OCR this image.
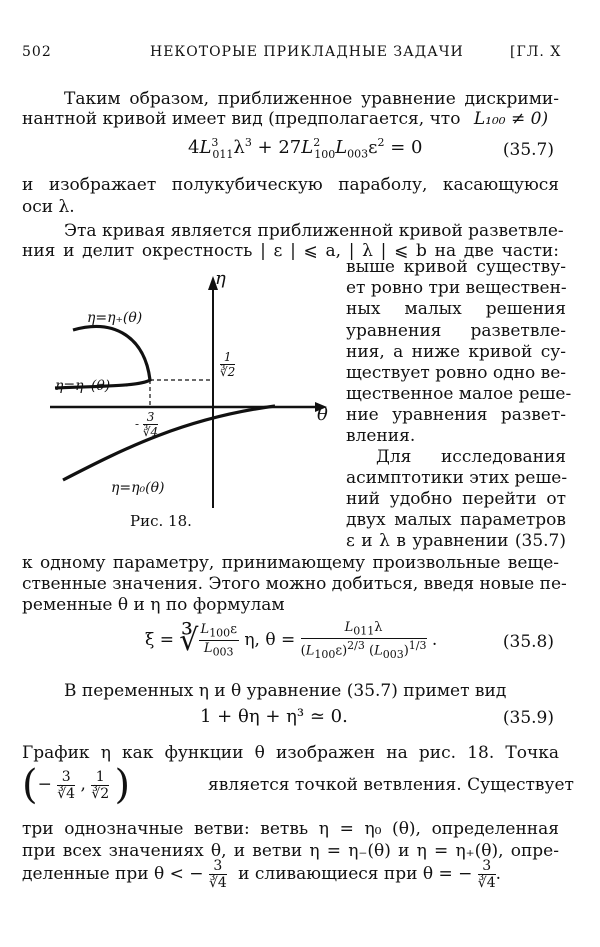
502	НЕКОТОРЫЕ ПРИКЛАДНЫЕ ЗАДАЧИ	[ГЛ. X
Таким образом, приближенное уравнение дискрими-
нантной кривой имеет вид (предполагается, что L₁₀₀ ≠ 0)
$4L^3_{011}\lambda^3 + 27L^2_{100}L_{003}\varepsilon^2 = 0$	(35.7)
и изображает полукубическую параболу, касающуюся
оси λ.
Эта кривая является приближенной кривой разветвле-
ния и делит окрестность | ε | ⩽ a, | λ | ⩽ b на две части:
η
θ
η=η₊(θ)
η=η₋(θ)
η=η₀(θ)
$\frac{1}{∛2}$
- $\frac{3}{∛4}$
Рис. 18.
выше кривой существу-
ет ровно три веществен-
ных малых решения
уравнения разветвле-
ния, а ниже кривой су-
ществует ровно одно ве-
щественное малое реше-
ние уравнения развет-
вления.
Для исследования
асимптотики этих реше-
ний удобно перейти от
двух малых параметров
ε и λ в уравнении (35.7)
к одному параметру, принимающему произвольные веще-
ственные значения. Этого можно добиться, введя новые пе-
ременные θ и η по формулам
ξ = ∛ $\frac{L_{100}\varepsilon}{L_{003}} \eta$, $\theta = \frac{L_{011}\lambda}{(L_{100}\varepsilon)^{2/3} (L_{003})^{1/3}}$ .	(35.8)
В переменных η и θ уравнение (35.7) примет вид
1 + θη + η³ ≃ 0.	(35.9)
График η как функции θ изображен на рис. 18. Точка
(− $\frac{3}{∛4}$ , $\frac{1}{∛2}$ )	является точкой ветвления. Существует
три однозначные ветви: ветвь η = η₀ (θ), определенная
при всех значениях θ, и ветви η = η₋(θ) и η = η₊(θ), опре-
деленные при θ < − $\frac{3}{∛4}$ и сливающиеся при θ = − $\frac{3}{∛4}$ .
